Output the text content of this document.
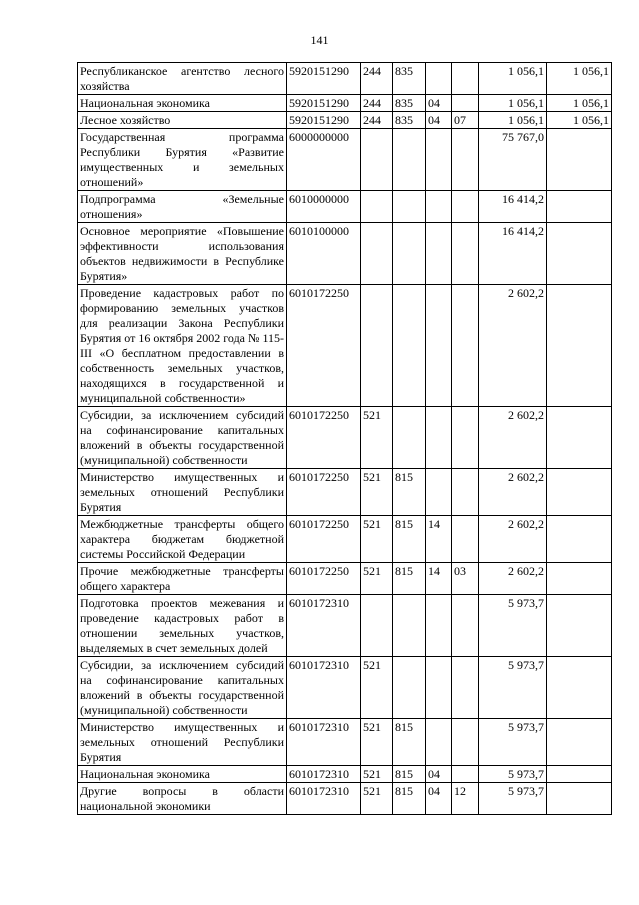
141
Республиканское агентство лесного хозяйства	5920151290	244	835			1 056,1	1 056,1
Национальная экономика	5920151290	244	835	04		1 056,1	1 056,1
Лесное хозяйство	5920151290	244	835	04	07	1 056,1	1 056,1
Государственная программа Республики Бурятия «Развитие имущественных и земельных отношений»	6000000000					75 767,0	
Подпрограмма «Земельные отношения»	6010000000					16 414,2	
Основное мероприятие «Повышение эффективности использования объектов недвижимости в Республике Бурятия»	6010100000					16 414,2	
Проведение кадастровых работ по формированию земельных участков для реализации Закона Республики Бурятия от 16 октября 2002 года № 115-III «О бесплатном предоставлении в собственность земельных участков, находящихся в государственной и муниципальной собственности»	6010172250					2 602,2	
Субсидии, за исключением субсидий на софинансирование капитальных вложений в объекты государственной (муниципальной) собственности	6010172250	521				2 602,2	
Министерство имущественных и земельных отношений Республики Бурятия	6010172250	521	815			2 602,2	
Межбюджетные трансферты общего характера бюджетам бюджетной системы Российской Федерации	6010172250	521	815	14		2 602,2	
Прочие межбюджетные трансферты общего характера	6010172250	521	815	14	03	2 602,2	
Подготовка проектов межевания и проведение кадастровых работ в отношении земельных участков, выделяемых в счет земельных долей	6010172310					5 973,7	
Субсидии, за исключением субсидий на софинансирование капитальных вложений в объекты государственной (муниципальной) собственности	6010172310	521				5 973,7	
Министерство имущественных и земельных отношений Республики Бурятия	6010172310	521	815			5 973,7	
Национальная экономика	6010172310	521	815	04		5 973,7	
Другие вопросы в области национальной экономики	6010172310	521	815	04	12	5 973,7	
